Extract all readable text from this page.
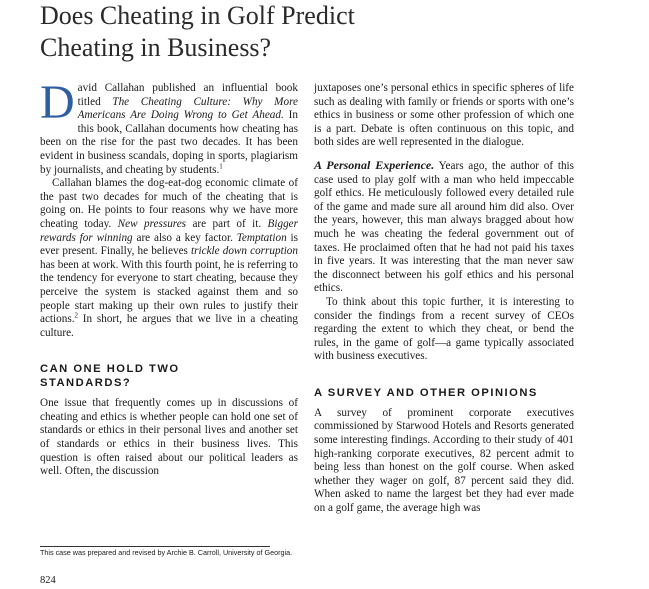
Does Cheating in Golf Predict
Cheating in Business?

David Callahan published an influential book titled The Cheating Culture: Why More Americans Are Doing Wrong to Get Ahead. In this book, Callahan documents how cheating has been on the rise for the past two decades. It has been evident in business scandals, doping in sports, plagiarism by journalists, and cheating by students.$^1$

Callahan blames the dog-eat-dog economic climate of the past two decades for much of the cheating that is going on. He points to four reasons why we have more cheating today. New pressures are part of it. Bigger rewards for winning are also a key factor. Temptation is ever present. Finally, he believes trickle down corruption has been at work. With this fourth point, he is referring to the tendency for everyone to start cheating, because they perceive the system is stacked against them and so people start making up their own rules to justify their actions.$^2$ In short, he argues that we live in a cheating culture.

CAN ONE HOLD TWO
STANDARDS?

One issue that frequently comes up in discussions of cheating and ethics is whether people can hold one set of standards or ethics in their personal lives and another set of standards or ethics in their business lives. This question is often raised about our political leaders as well. Often, the discussion

juxtaposes one’s personal ethics in specific spheres of life such as dealing with family or friends or sports with one’s ethics in business or some other profession of which one is a part. Debate is often continuous on this topic, and both sides are well represented in the dialogue.

A Personal Experience. Years ago, the author of this case used to play golf with a man who held impeccable golf ethics. He meticulously followed every detailed rule of the game and made sure all around him did also. Over the years, however, this man always bragged about how much he was cheating the federal government out of taxes. He proclaimed often that he had not paid his taxes in five years. It was interesting that the man never saw the disconnect between his golf ethics and his personal ethics.

To think about this topic further, it is interesting to consider the findings from a recent survey of CEOs regarding the extent to which they cheat, or bend the rules, in the game of golf—a game typically associated with business executives.

A SURVEY AND OTHER OPINIONS

A survey of prominent corporate executives commissioned by Starwood Hotels and Resorts generated some interesting findings. According to their study of 401 high-ranking corporate executives, 82 percent admit to being less than honest on the golf course. When asked whether they wager on golf, 87 percent said they did. When asked to name the largest bet they had ever made on a golf game, the average high was

This case was prepared and revised by Archie B. Carroll, University of Georgia.

824
